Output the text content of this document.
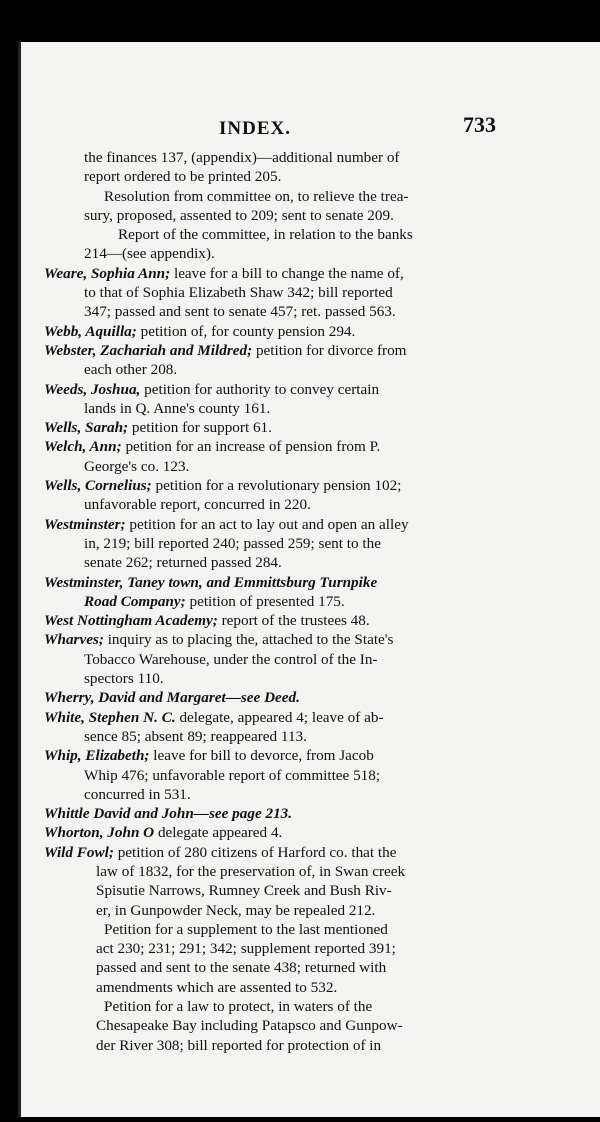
INDEX.	733
the finances 137, (appendix)—additional number of
report ordered to be printed 205.
Resolution from committee on, to relieve the trea-
sury, proposed, assented to 209; sent to senate 209.
Report of the committee, in relation to the banks
214—(see appendix).
Weare, Sophia Ann; leave for a bill to change the name of,
to that of Sophia Elizabeth Shaw 342; bill reported
347; passed and sent to senate 457; ret. passed 563.
Webb, Aquilla; petition of, for county pension 294.
Webster, Zachariah and Mildred; petition for divorce from
each other 208.
Weeds, Joshua, petition for authority to convey certain
lands in Q. Anne's county 161.
Wells, Sarah; petition for support 61.
Welch, Ann; petition for an increase of pension from P.
George's co. 123.
Wells, Cornelius; petition for a revolutionary pension 102;
unfavorable report, concurred in 220.
Westminster; petition for an act to lay out and open an alley
in, 219; bill reported 240; passed 259; sent to the
senate 262; returned passed 284.
Westminster, Taney town, and Emmittsburg Turnpike
Road Company; petition of presented 175.
West Nottingham Academy; report of the trustees 48.
Wharves; inquiry as to placing the, attached to the State's
Tobacco Warehouse, under the control of the In-
spectors 110.
Wherry, David and Margaret—see Deed.
White, Stephen N. C. delegate, appeared 4; leave of ab-
sence 85; absent 89; reappeared 113.
Whip, Elizabeth; leave for bill to devorce, from Jacob
Whip 476; unfavorable report of committee 518;
concurred in 531.
Whittle David and John—see page 213.
Whorton, John O delegate appeared 4.
Wild Fowl; petition of 280 citizens of Harford co. that the
law of 1832, for the preservation of, in Swan creek
Spisutie Narrows, Rumney Creek and Bush Riv-
er, in Gunpowder Neck, may be repealed 212.
Petition for a supplement to the last mentioned
act 230; 231; 291; 342; supplement reported 391;
passed and sent to the senate 438; returned with
amendments which are assented to 532.
Petition for a law to protect, in waters of the
Chesapeake Bay including Patapsco and Gunpow-
der River 308; bill reported for protection of in
